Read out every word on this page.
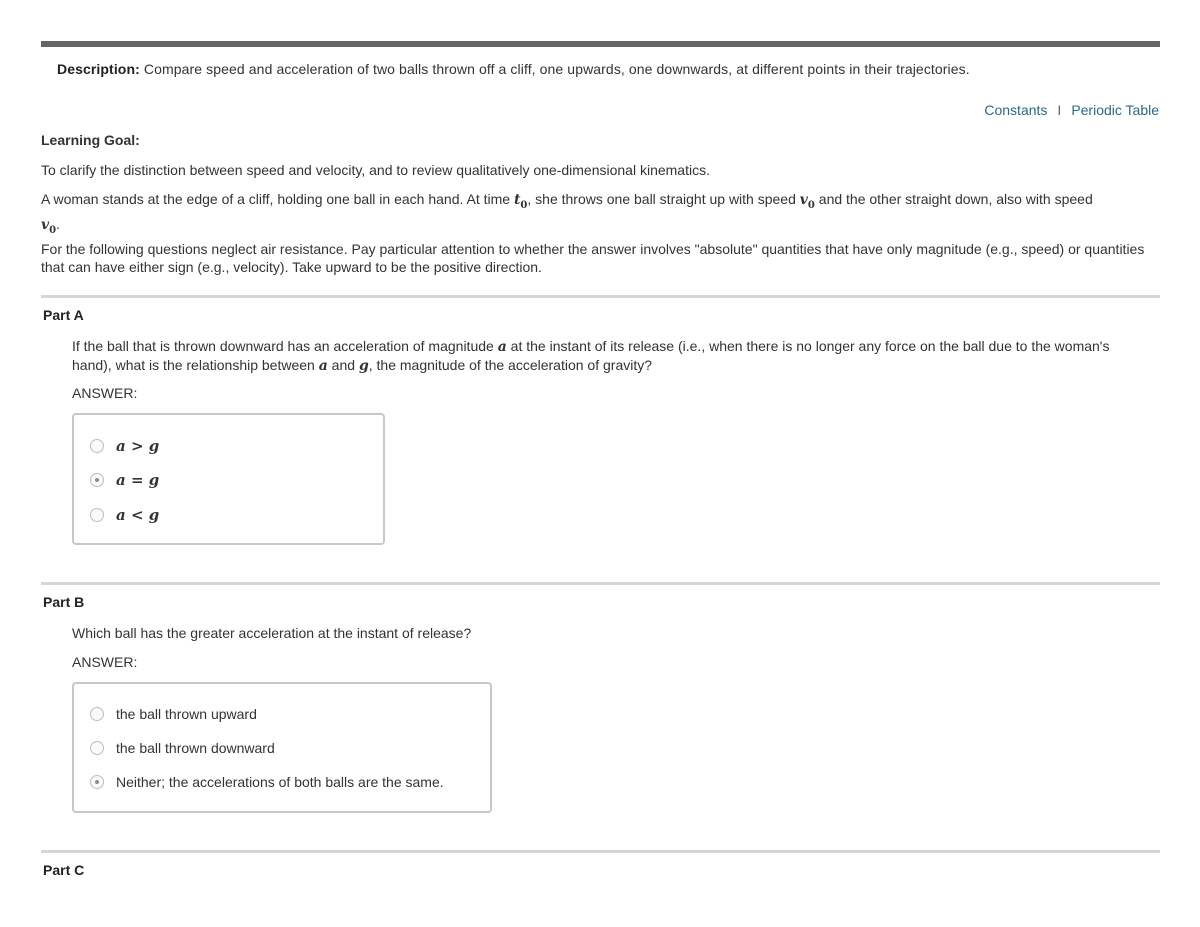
Description: Compare speed and acceleration of two balls thrown off a cliff, one upwards, one downwards, at different points in their trajectories.
Constants I Periodic Table
Learning Goal:
To clarify the distinction between speed and velocity, and to review qualitatively one-dimensional kinematics.
A woman stands at the edge of a cliff, holding one ball in each hand. At time $t_0$, she throws one ball straight up with speed $v_0$ and the other straight down, also with speed
$v_0$.
For the following questions neglect air resistance. Pay particular attention to whether the answer involves "absolute" quantities that have only magnitude (e.g., speed) or quantities that can have either sign (e.g., velocity). Take upward to be the positive direction.
Part A
If the ball that is thrown downward has an acceleration of magnitude a at the instant of its release (i.e., when there is no longer any force on the ball due to the woman's hand), what is the relationship between a and g, the magnitude of the acceleration of gravity?
ANSWER:
a > g
a = g
a < g
Part B
Which ball has the greater acceleration at the instant of release?
ANSWER:
the ball thrown upward
the ball thrown downward
Neither; the accelerations of both balls are the same.
Part C
